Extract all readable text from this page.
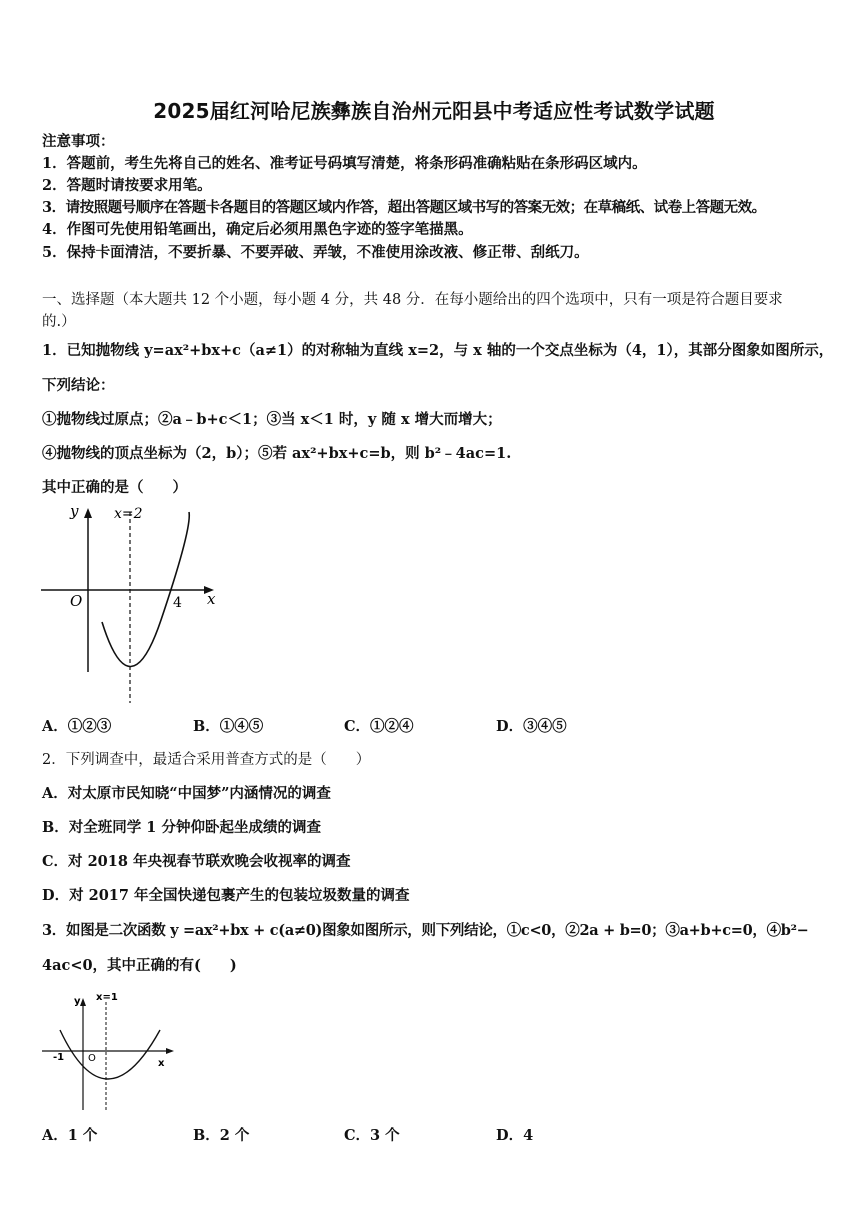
2025届红河哈尼族彝族自治州元阳县中考适应性考试数学试题
注意事项：
1．答题前，考生先将自己的姓名、准考证号码填写清楚，将条形码准确粘贴在条形码区域内。
2．答题时请按要求用笔。
3．请按照题号顺序在答题卡各题目的答题区域内作答，超出答题区域书写的答案无效；在草稿纸、试卷上答题无效。
4．作图可先使用铅笔画出，确定后必须用黑色字迹的签字笔描黑。
5．保持卡面清洁，不要折暴、不要弄破、弄皱，不准使用涂改液、修正带、刮纸刀。
一、选择题（本大题共 12 个小题，每小题 4 分，共 48 分．在每小题给出的四个选项中，只有一项是符合题目要求
的.）
1．已知抛物线 y=ax²+bx+c（a≠1）的对称轴为直线 x=2，与 x 轴的一个交点坐标为（4，1），其部分图象如图所示，
下列结论：
①抛物线过原点；②a﹣b+c＜1；③当 x＜1 时，y 随 x 增大而增大；
④抛物线的顶点坐标为（2，b）；⑤若 ax²+bx+c=b，则 b²﹣4ac=1.
其中正确的是（　　）
y	x=2
O	4 x
A．①②③	B．①④⑤	C．①②④	D．③④⑤
2．下列调查中，最适合采用普查方式的是（　　）
A．对太原市民知晓“中国梦”内涵情况的调查
B．对全班同学 1 分钟仰卧起坐成绩的调查
C．对 2018 年央视春节联欢晚会收视率的调查
D．对 2017 年全国快递包裹产生的包装垃圾数量的调查
3．如图是二次函数 y =ax²+bx + c(a≠0)图象如图所示，则下列结论，①c<0，②2a + b=0；③a+b+c=0，④b²−
4ac<0，其中正确的有(　　)
y x=1
-1 O	x
A．1 个	B．2 个	C．3 个	D．4
